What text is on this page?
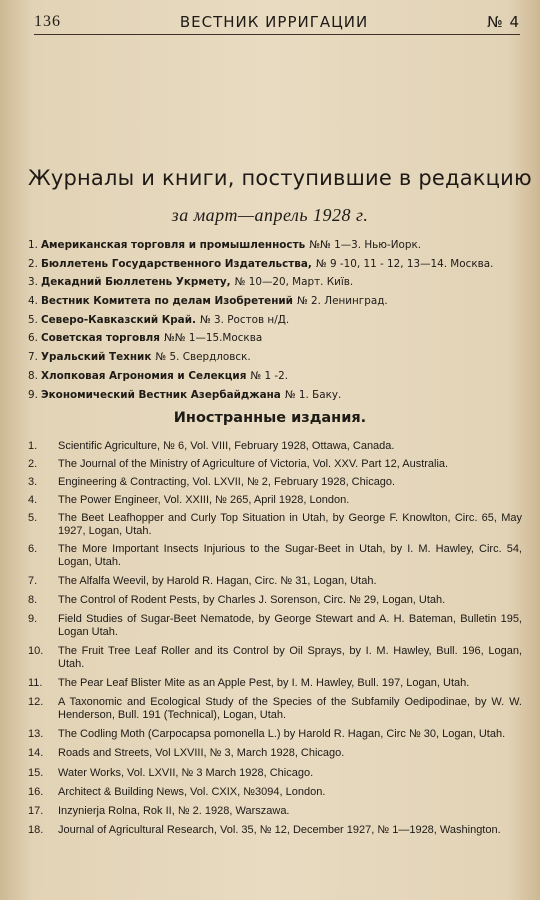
136	ВЕСТНИК ИРРИГАЦИИ	№ 4
Журналы и книги, поступившие в редакцию
за март—апрель 1928 г.
1. Американская торговля и промышленность №№ 1—3. Нью-Иорк.
2. Бюллетень Государственного Издательства, № 9 -10, 11 - 12, 13—14. Москва.
3. Декадний Бюллетень Укрмету, № 10—20, Март. Київ.
4. Вестник Комитета по делам Изобретений № 2. Ленинград.
5. Северо-Кавказский Край. № 3. Ростов н/Д.
6. Советская торговля №№ 1—15.Москва
7. Уральский Техник № 5. Свердловск.
8. Хлопковая Агрономия и Селекция № 1 -2.
9. Экономический Вестник Азербайджана № 1. Баку.
Иностранные издания.
1.	Scientific Agriculture, № 6, Vol. VIII, February 1928, Ottawa, Canada.
2.	The Journal of the Ministry of Agriculture of Victoria, Vol. XXV. Part 12, Australia.
3.	Engineering & Contracting, Vol. LXVII, № 2, February 1928, Chicago.
4.	The Power Engineer, Vol. XXIII, № 265, April 1928, London.
5.	The Beet Leafhopper and Curly Top Situation in Utah, by George F. Knowlton, Circ. 65, May 1927, Logan, Utah.
6.	The More Important Insects Injurious to the Sugar-Beet in Utah, by I. M. Hawley, Circ. 54, Logan, Utah.
7.	The Alfalfa Weevil, by Harold R. Hagan, Circ. № 31, Logan, Utah.
8.	The Control of Rodent Pests, by Charles J. Sorenson, Circ. № 29, Logan, Utah.
9.	Field Studies of Sugar-Beet Nematode, by George Stewart and A. H. Bateman, Bulletin 195, Logan Utah.
10.	The Fruit Tree Leaf Roller and its Control by Oil Sprays, by I. M. Hawley, Bull. 196, Logan, Utah.
11.	The Pear Leaf Blister Mite as an Apple Pest, by I. M. Hawley, Bull. 197, Logan, Utah.
12.	A Taxonomic and Ecological Study of the Species of the Subfamily Oedipodinae, by W. W. Henderson, Bull. 191 (Technical), Logan, Utah.
13.	The Codling Moth (Carpocapsa pomonella L.) by Harold R. Hagan, Circ № 30, Logan, Utah.
14.	Roads and Streets, Vol LXVIII, № 3, March 1928, Chicago.
15.	Water Works, Vol. LXVII, № 3 March 1928, Chicago.
16.	Architect & Building News, Vol. CXIX, №3094, London.
17.	Inzynierja Rolna, Rok II, № 2. 1928, Warszawa.
18.	Journal of Agricultural Research, Vol. 35, № 12, December 1927, № 1—1928, Washington.
